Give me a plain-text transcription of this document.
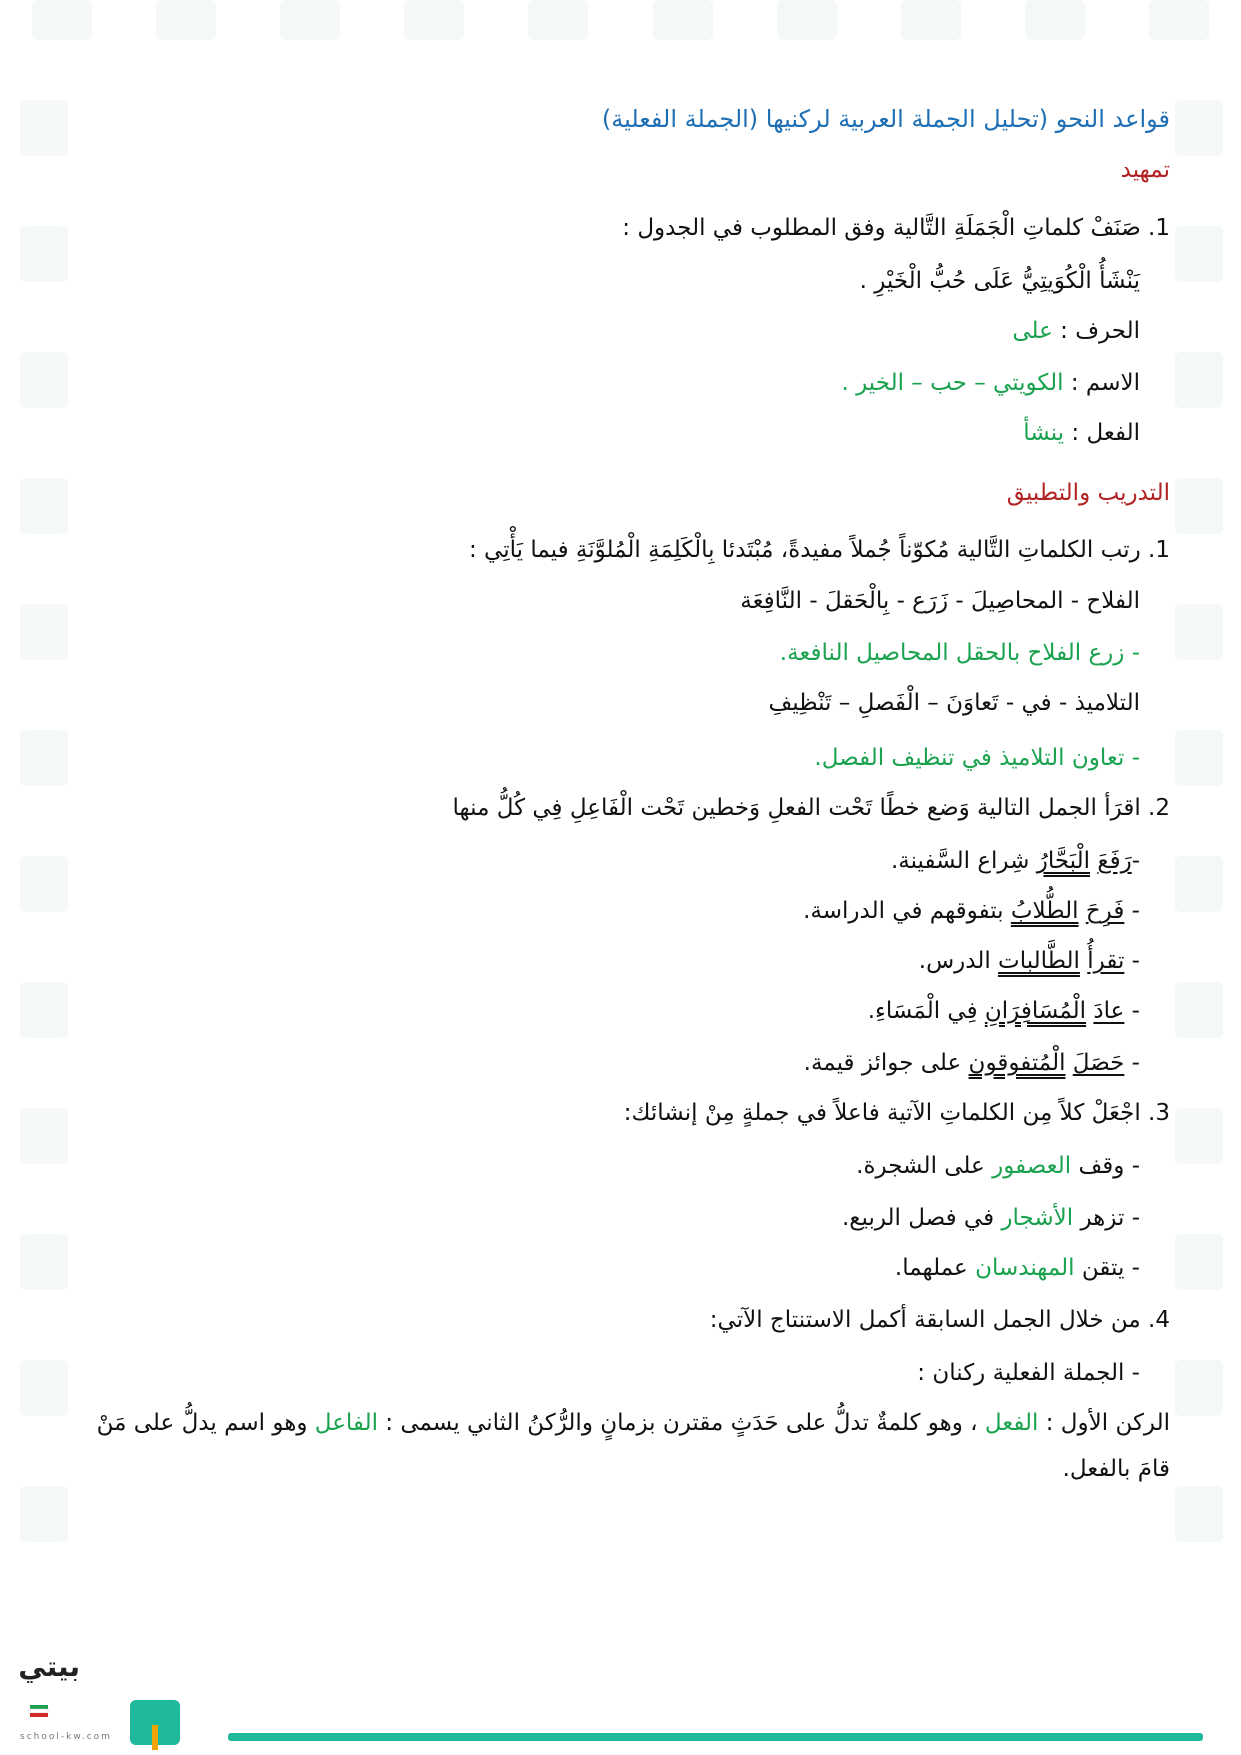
قواعد النحو (تحليل الجملة العربية لركنيها (الجملة الفعلية)
تمهيد
1. صَنَفْ كلماتِ الْجَمَلَةِ التَّالية وفق المطلوب في الجدول :
يَنْشَأُ الْكُوَيتِيُّ عَلَى حُبُّ الْخَيْرِ .
الحرف : على
الاسم : الكويتي – حب – الخير .
الفعل : ينشأ
التدريب والتطبيق
1. رتب الكلماتِ التَّالية مُكوّناً جُملاً مفيدةً، مُبْتَدئا بِالْكَلِمَةِ الْمُلوَّنَةِ فيما يَأْتِي :
الفلاح - المحاصِيلَ - زَرَع - بِالْحَقلَ - النَّافِعَة
- زرع الفلاح بالحقل المحاصيل النافعة.
التلاميذ - في - تَعاوَنَ – الْفَصلِ – تَنْظِيفِ
- تعاون التلاميذ في تنظيف الفصل.
2. اقرَأ الجمل التالية وَضع خطًا تَحْت الفعلِ وَخطين تَحْت الْفَاعِلِ فِي كُلُّ منها
-رَفَعَ الْبَحَّارُ شِراع السَّفينة.
- فَرِحَ الطُّلابُ بتفوقهم في الدراسة.
- تقرأُ الطَّالبات الدرس.
- عادَ الْمُسَافِرَانِ فِي الْمَسَاءِ.
- حَصَلَ الْمُتفوقون على جوائز قيمة.
3. اجْعَلْ كلاً مِن الكلماتِ الآتية فاعلاً في جملةٍ مِنْ إنشائك:
- وقف العصفور على الشجرة.
- تزهر الأشجار في فصل الربيع.
- يتقن المهندسان عملهما.
4. من خلال الجمل السابقة أكمل الاستنتاج الآتي:
- الجملة الفعلية ركنان :
الركن الأول : الفعل ، وهو كلمةٌ تدلُّ على حَدَثٍ مقترن بزمانٍ والرُّكنُ الثاني يسمى : الفاعل وهو اسم يدلُّ على مَنْ قامَ بالفعل.
بيتي
school-kw.com
